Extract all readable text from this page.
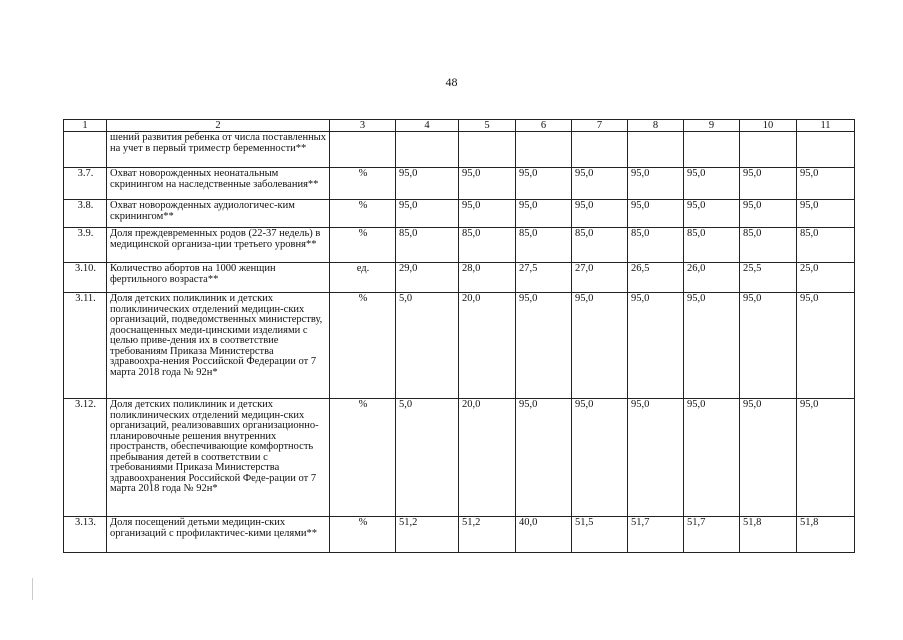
48
1	2	3	4	5	6	7	8	9	10	11
	шений развития ребенка от числа поставленных на учет в первый триместр беременности**									
3.7.	Охват новорожденных неонатальным скринингом на наследственные заболевания**	%	95,0	95,0	95,0	95,0	95,0	95,0	95,0	95,0
3.8.	Охват новорожденных аудиологичес-ким скринингом**	%	95,0	95,0	95,0	95,0	95,0	95,0	95,0	95,0
3.9.	Доля преждевременных родов (22-37 недель) в медицинской организа-ции третьего уровня**	%	85,0	85,0	85,0	85,0	85,0	85,0	85,0	85,0
3.10.	Количество абортов на 1000 женщин фертильного возраста**	ед.	29,0	28,0	27,5	27,0	26,5	26,0	25,5	25,0
3.11.	Доля детских поликлиник и детских поликлинических отделений медицин-ских организаций, подведомственных министерству, дооснащенных меди-цинскими изделиями с целью приве-дения их в соответствие требованиям Приказа Министерства здравоохра-нения Российской Федерации от 7 марта 2018 года № 92н*	%	5,0	20,0	95,0	95,0	95,0	95,0	95,0	95,0
3.12.	Доля детских поликлиник и детских поликлинических отделений медицин-ских организаций, реализовавших организационно-планировочные решения внутренних пространств, обеспечивающие комфортность пребывания детей в соответствии с требованиями Приказа Министерства здравоохранения Российской Феде-рации от 7 марта 2018 года № 92н*	%	5,0	20,0	95,0	95,0	95,0	95,0	95,0	95,0
3.13.	Доля посещений детьми медицин-ских организаций с профилактичес-кими целями**	%	51,2	51,2	40,0	51,5	51,7	51,7	51,8	51,8
